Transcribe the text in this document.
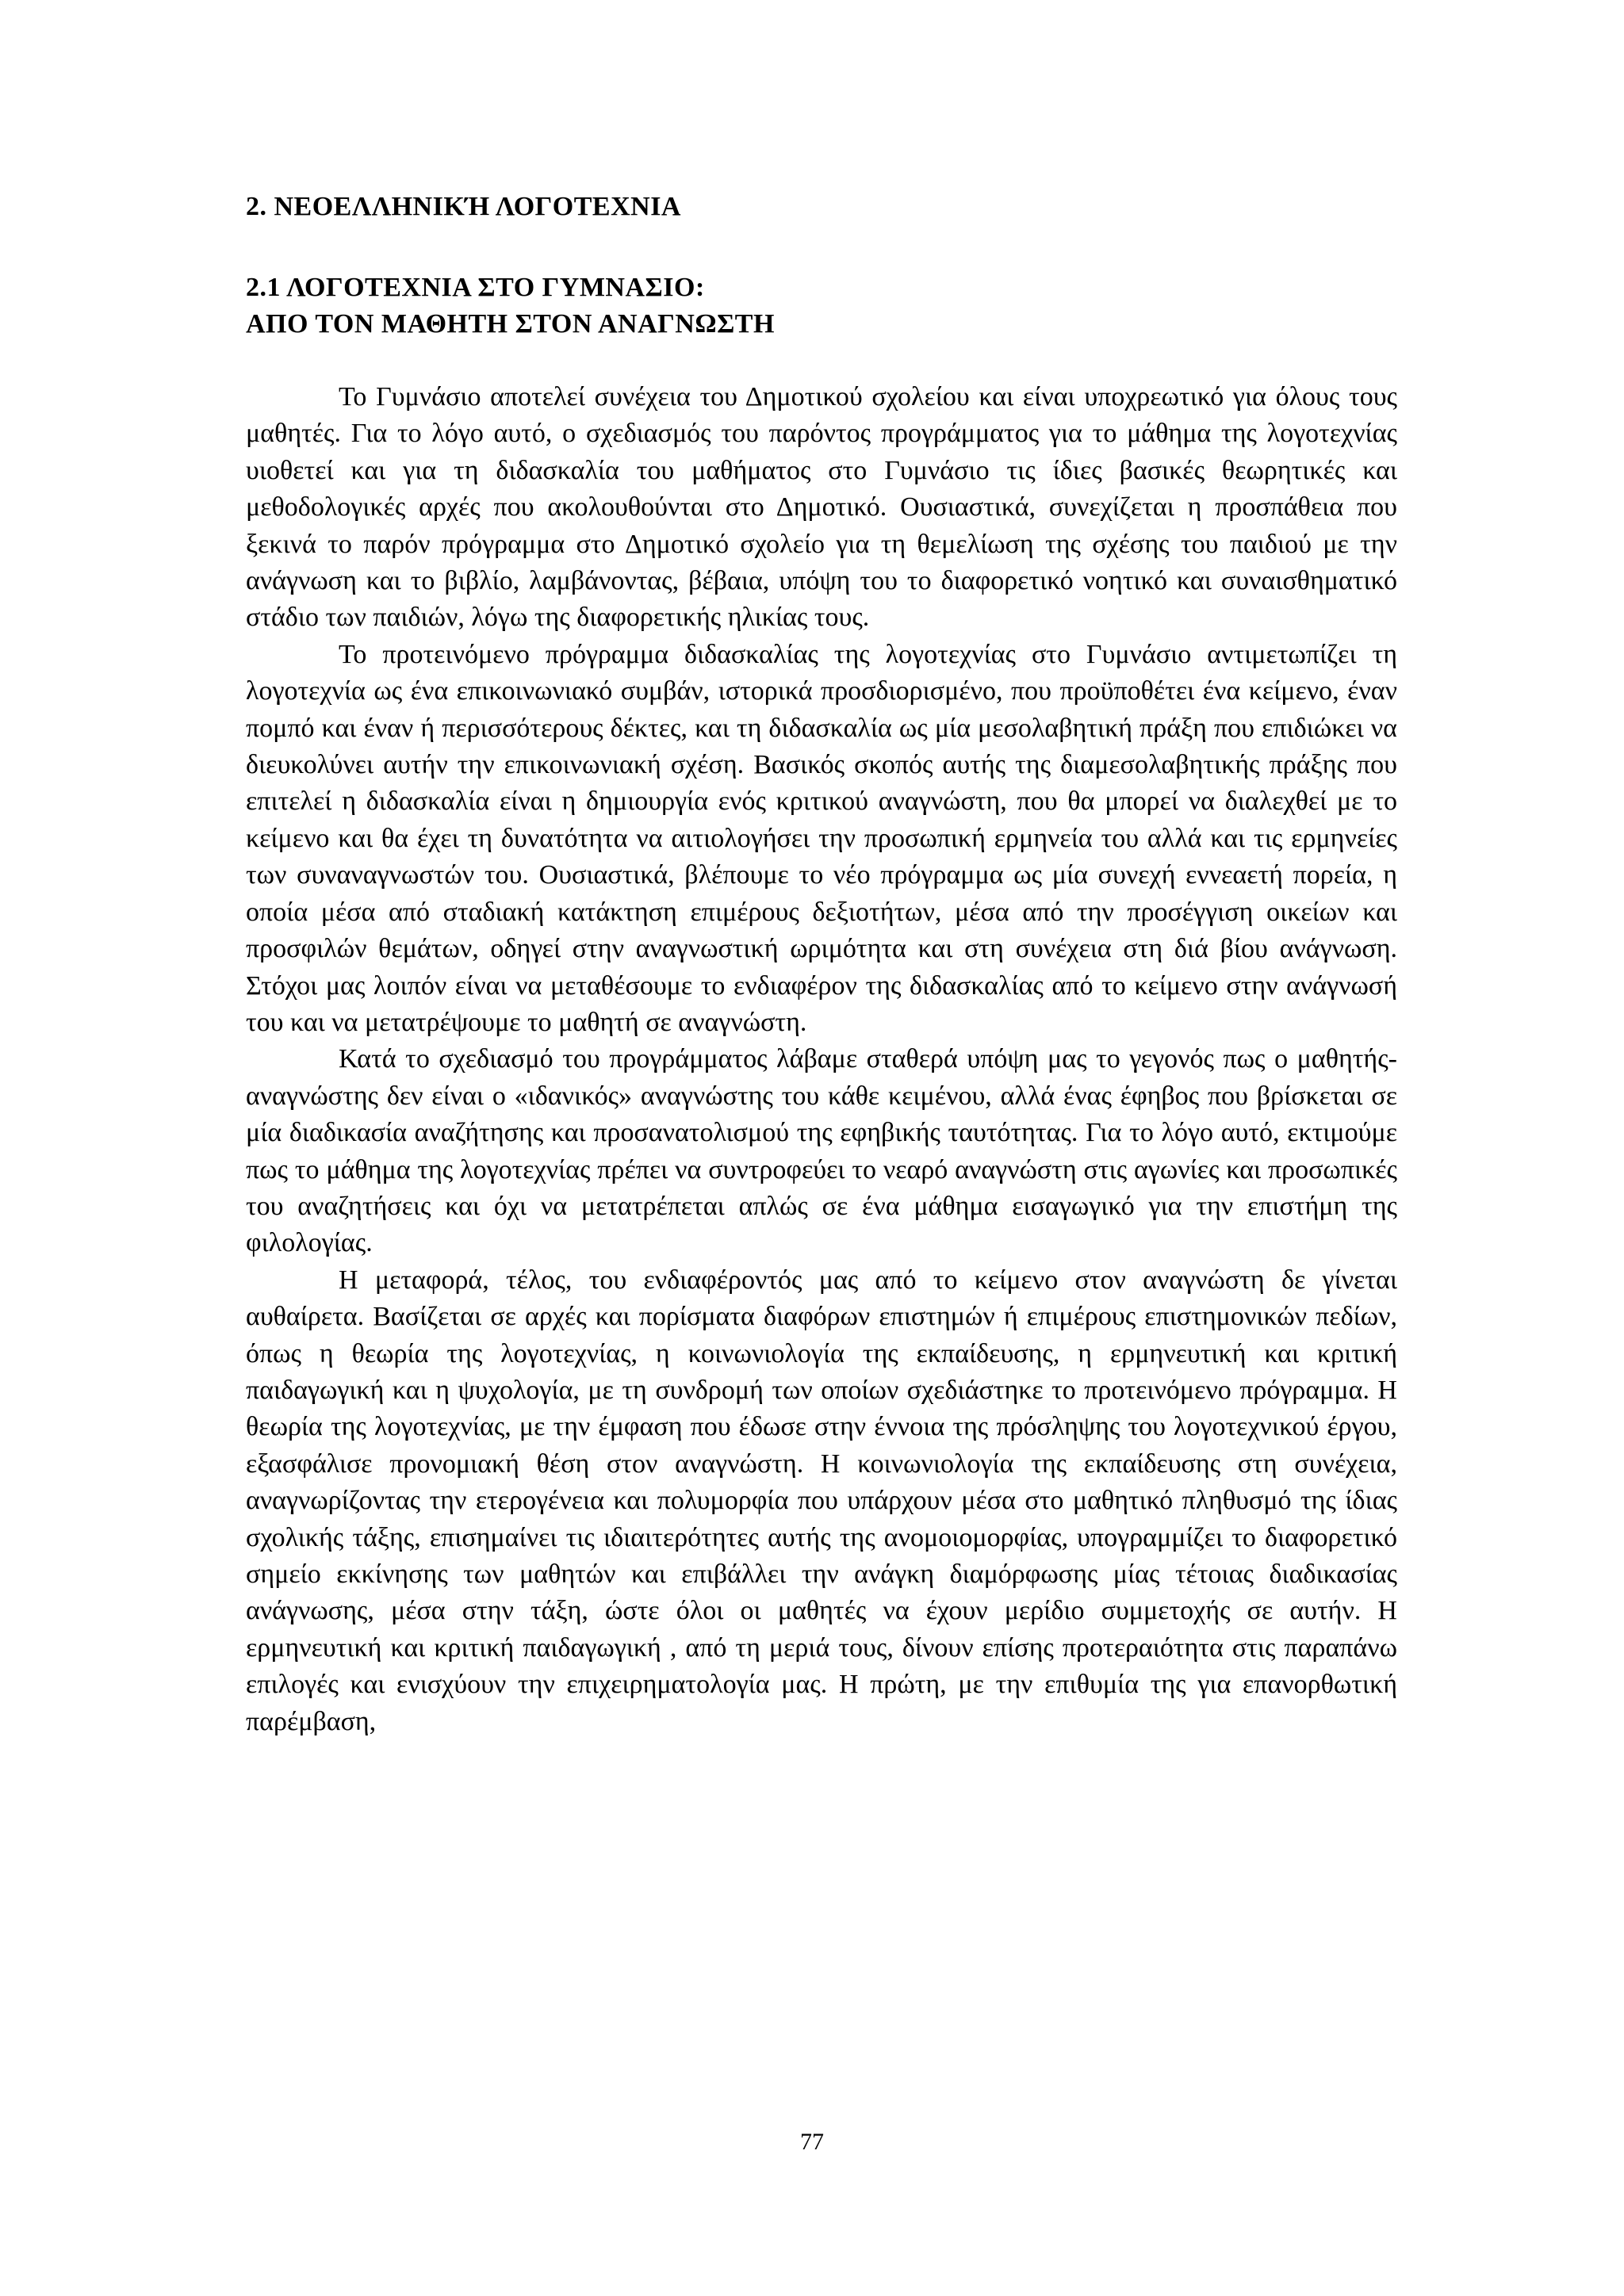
2. ΝΕΟΕΛΛΗΝΙΚΉ ΛΟΓΟΤΕΧΝΙΑ
2.1 ΛΟΓΟΤΕΧΝΙΑ ΣΤΟ ΓΥΜΝΑΣΙΟ:
ΑΠΟ ΤΟΝ ΜΑΘΗΤΗ ΣΤΟΝ ΑΝΑΓΝΩΣΤΗ

Το Γυμνάσιο αποτελεί συνέχεια του Δημοτικού σχολείου και είναι υποχρεωτικό για όλους τους μαθητές. Για το λόγο αυτό, ο σχεδιασμός του παρόντος προγράμματος για το μάθημα της λογοτεχνίας υιοθετεί και για τη διδασκαλία του μαθήματος στο Γυμνάσιο τις ίδιες βασικές θεωρητικές και μεθοδολογικές αρχές που ακολουθούνται στο Δημοτικό. Ουσιαστικά, συνεχίζεται η προσπάθεια που ξεκινά το παρόν πρόγραμμα στο Δημοτικό σχολείο για τη θεμελίωση της σχέσης του παιδιού με την ανάγνωση και το βιβλίο, λαμβάνοντας, βέβαια, υπόψη του το διαφορετικό νοητικό και συναισθηματικό στάδιο των παιδιών, λόγω της διαφορετικής ηλικίας τους.

Το προτεινόμενο πρόγραμμα διδασκαλίας της λογοτεχνίας στο Γυμνάσιο αντιμετωπίζει τη λογοτεχνία ως ένα επικοινωνιακό συμβάν, ιστορικά προσδιορισμένο, που προϋποθέτει ένα κείμενο, έναν πομπό και έναν ή περισσότερους δέκτες, και τη διδασκαλία ως μία μεσολαβητική πράξη που επιδιώκει να διευκολύνει αυτήν την επικοινωνιακή σχέση. Βασικός σκοπός αυτής της διαμεσολαβητικής πράξης που επιτελεί η διδασκαλία είναι η δημιουργία ενός κριτικού αναγνώστη, που θα μπορεί να διαλεχθεί με το κείμενο και θα έχει τη δυνατότητα να αιτιολογήσει την προσωπική ερμηνεία του αλλά και τις ερμηνείες των συναναγνωστών του. Ουσιαστικά, βλέπουμε το νέο πρόγραμμα ως μία συνεχή εννεαετή πορεία, η οποία μέσα από σταδιακή κατάκτηση επιμέρους δεξιοτήτων, μέσα από την προσέγγιση οικείων και προσφιλών θεμάτων, οδηγεί στην αναγνωστική ωριμότητα και στη συνέχεια στη διά βίου ανάγνωση. Στόχοι μας λοιπόν είναι να μεταθέσουμε το ενδιαφέρον της διδασκαλίας από το κείμενο στην ανάγνωσή του και να μετατρέψουμε το μαθητή σε αναγνώστη.

Κατά το σχεδιασμό του προγράμματος λάβαμε σταθερά υπόψη μας το γεγονός πως ο μαθητής-αναγνώστης δεν είναι ο «ιδανικός» αναγνώστης του κάθε κειμένου, αλλά ένας έφηβος που βρίσκεται σε μία διαδικασία αναζήτησης και προσανατολισμού της εφηβικής ταυτότητας. Για το λόγο αυτό, εκτιμούμε πως το μάθημα της λογοτεχνίας πρέπει να συντροφεύει το νεαρό αναγνώστη στις αγωνίες και προσωπικές του αναζητήσεις και όχι να μετατρέπεται απλώς σε ένα μάθημα εισαγωγικό για την επιστήμη της φιλολογίας.

Η μεταφορά, τέλος, του ενδιαφέροντός μας από το κείμενο στον αναγνώστη δε γίνεται αυθαίρετα. Βασίζεται σε αρχές και πορίσματα διαφόρων επιστημών ή επιμέρους επιστημονικών πεδίων, όπως η θεωρία της λογοτεχνίας, η κοινωνιολογία της εκπαίδευσης, η ερμηνευτική και κριτική παιδαγωγική και η ψυχολογία, με τη συνδρομή των οποίων σχεδιάστηκε το προτεινόμενο πρόγραμμα. Η θεωρία της λογοτεχνίας, με την έμφαση που έδωσε στην έννοια της πρόσληψης του λογοτεχνικού έργου, εξασφάλισε προνομιακή θέση στον αναγνώστη. Η κοινωνιολογία της εκπαίδευσης στη συνέχεια, αναγνωρίζοντας την ετερογένεια και πολυμορφία που υπάρχουν μέσα στο μαθητικό πληθυσμό της ίδιας σχολικής τάξης, επισημαίνει τις ιδιαιτερότητες αυτής της ανομοιομορφίας, υπογραμμίζει το διαφορετικό σημείο εκκίνησης των μαθητών και επιβάλλει την ανάγκη διαμόρφωσης μίας τέτοιας διαδικασίας ανάγνωσης, μέσα στην τάξη, ώστε όλοι οι μαθητές να έχουν μερίδιο συμμετοχής σε αυτήν. Η ερμηνευτική και κριτική παιδαγωγική , από τη μεριά τους, δίνουν επίσης προτεραιότητα στις παραπάνω επιλογές και ενισχύουν την επιχειρηματολογία μας. Η πρώτη, με την επιθυμία της για επανορθωτική παρέμβαση,

77
